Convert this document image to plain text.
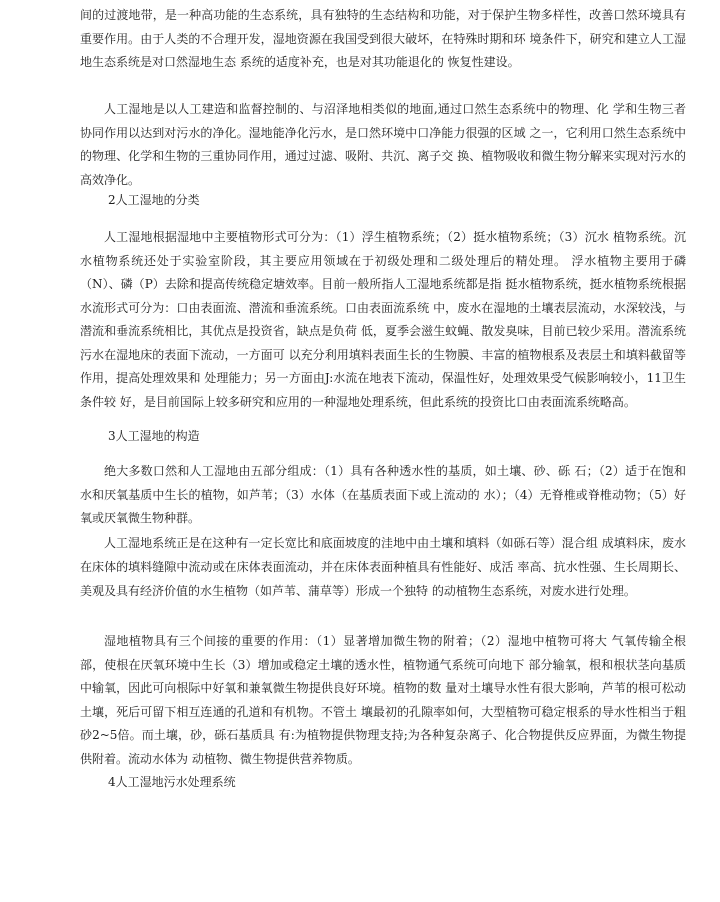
间的过渡地带，是一种高功能的生态系统，具有独特的生态结构和功能，对于保护生物多样性，改善口然环境具有重要作用。由于人类的不合理开发，湿地资源在我国受到很大破坏，在特殊时期和环 境条件下，研究和建立人工湿地生态系统是对口然湿地生态 系统的适度补充，也是对其功能退化的 恢复性建设。

人工湿地是以人工建造和监督控制的、与沼泽地相类似的地面,通过口然生态系统中的物理、化 学和生物三者协同作用以达到对污水的净化。湿地能净化污水，是口然环境中口净能力很强的区域 之一，它利用口然生态系统中的物理、化学和生物的三重协同作用，通过过滤、吸附、共沉、离子交 换、植物吸收和微生物分解来实现对污水的高效净化。

2人工湿地的分类

人工湿地根据湿地中主要植物形式可分为：（1）浮生植物系统；（2）挺水植物系统；（3）沉水 植物系统。沉水植物系统还处于实验室阶段，其主要应用领域在于初级处理和二级处理后的精处理。 浮水植物主要用于磷（N）、磷（P）去除和提高传统稳定塘效率。目前一般所指人工湿地系统都是指 挺水植物系统，挺水植物系统根据水流形式可分为：口由表面流、潜流和垂流系统。口由表面流系统 中，废水在湿地的土壤表层流动，水深较浅，与潜流和垂流系统相比，其优点是投资省，缺点是负荷 低，夏季会滋生蚊蝇、散发臭味，目前已较少采用。潜流系统污水在湿地床的表面下流动，一方面可 以充分利用填料表面生长的生物膜、丰富的植物根系及表层土和填料截留等作用，提高处理效果和 处理能力；另一方面由J:水流在地表下流动，保温性好，处理效果受气候影响较小，11卫生条件较 好，是目前国际上较多研究和应用的一种湿地处理系统，但此系统的投资比口由表面流系统略高。

3人工湿地的构造

绝大多数口然和人工湿地由五部分组成：（1）具有各种透水性的基质，如土壤、砂、砾 石；（2）适于在饱和水和厌氧基质中生长的植物，如芦苇；（3）水体（在基质表面下或上流动的 水）；（4）无脊椎或脊椎动物；（5）好氧或厌氧微生物种群。

人工湿地系统正是在这种有一定长宽比和底面坡度的洼地中由土壤和填料（如砾石等）混合组 成填料床，废水在床体的填料缝隙中流动或在床体表面流动，并在床体表面种植具有性能好、成活 率高、抗水性强、生长周期长、美观及具有经济价值的水生植物（如芦苇、蒲草等）形成一个独特 的动植物生态系统，对废水进行处理。

湿地植物具有三个间接的重要的作用：（1）显著增加微生物的附着；（2）湿地中植物可将大 气氧传输全根部，使根在厌氧环境中生长（3）增加或稳定土壤的透水性，植物通气系统可向地下 部分输氧，根和根状茎向基质中输氧，因此可向根际中好氧和兼氧微生物提供良好环境。植物的数 量对土壤导水性有很大影响，芦苇的根可松动土壤，死后可留下相互连通的孔道和有机物。不管土 壤最初的孔隙率如何，大型植物可稳定根系的导水性相当于粗砂2~5倍。而土壤，砂，砾石基质具 有:为植物提供物理支持;为各种复杂离子、化合物提供反应界面，为微生物提供附着。流动水体为 动植物、微生物提供营养物质。

4人工湿地污水处理系统
